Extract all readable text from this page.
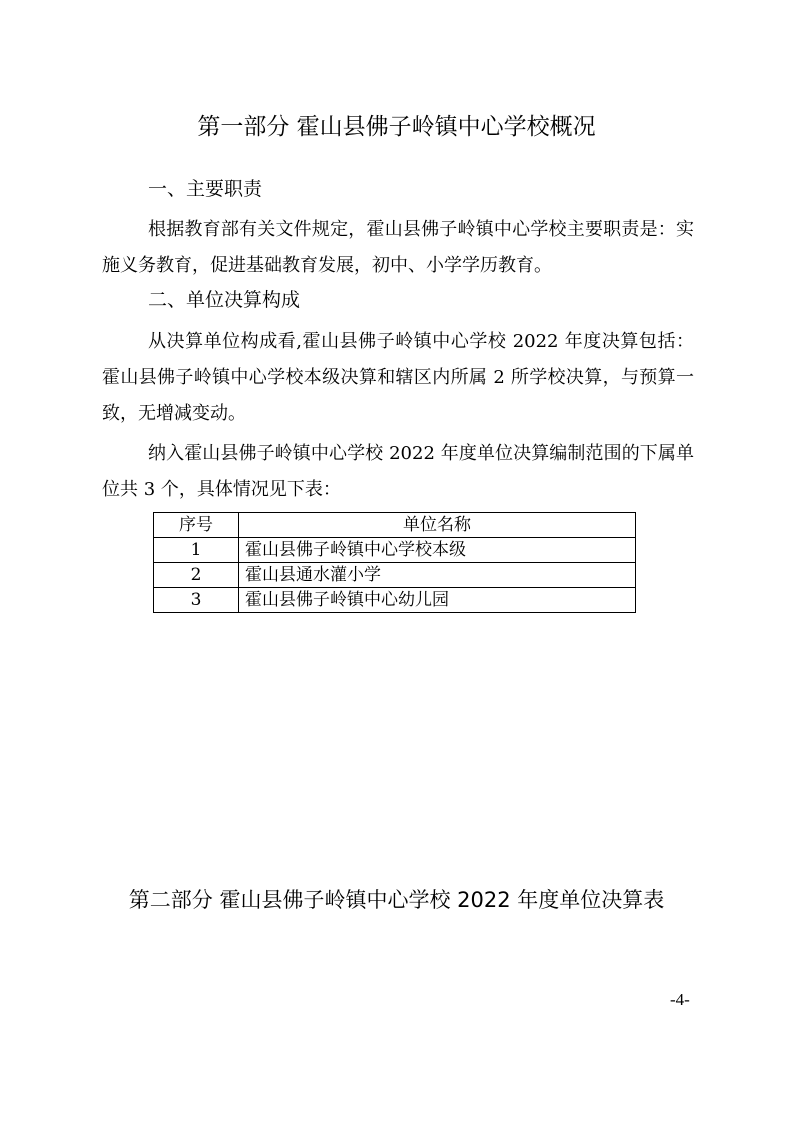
第一部分 霍山县佛子岭镇中心学校概况
一、主要职责

根据教育部有关文件规定，霍山县佛子岭镇中心学校主要职责是：实施义务教育，促进基础教育发展，初中、小学学历教育。

二、单位决算构成

从决算单位构成看,霍山县佛子岭镇中心学校 2022 年度决算包括：霍山县佛子岭镇中心学校本级决算和辖区内所属 2 所学校决算，与预算一致，无增减变动。

纳入霍山县佛子岭镇中心学校 2022 年度单位决算编制范围的下属单位共 3 个，具体情况见下表：

序号	单位名称
1	霍山县佛子岭镇中心学校本级
2	霍山县通水灌小学
3	霍山县佛子岭镇中心幼儿园
第二部分 霍山县佛子岭镇中心学校 2022 年度单位决算表
-4-
